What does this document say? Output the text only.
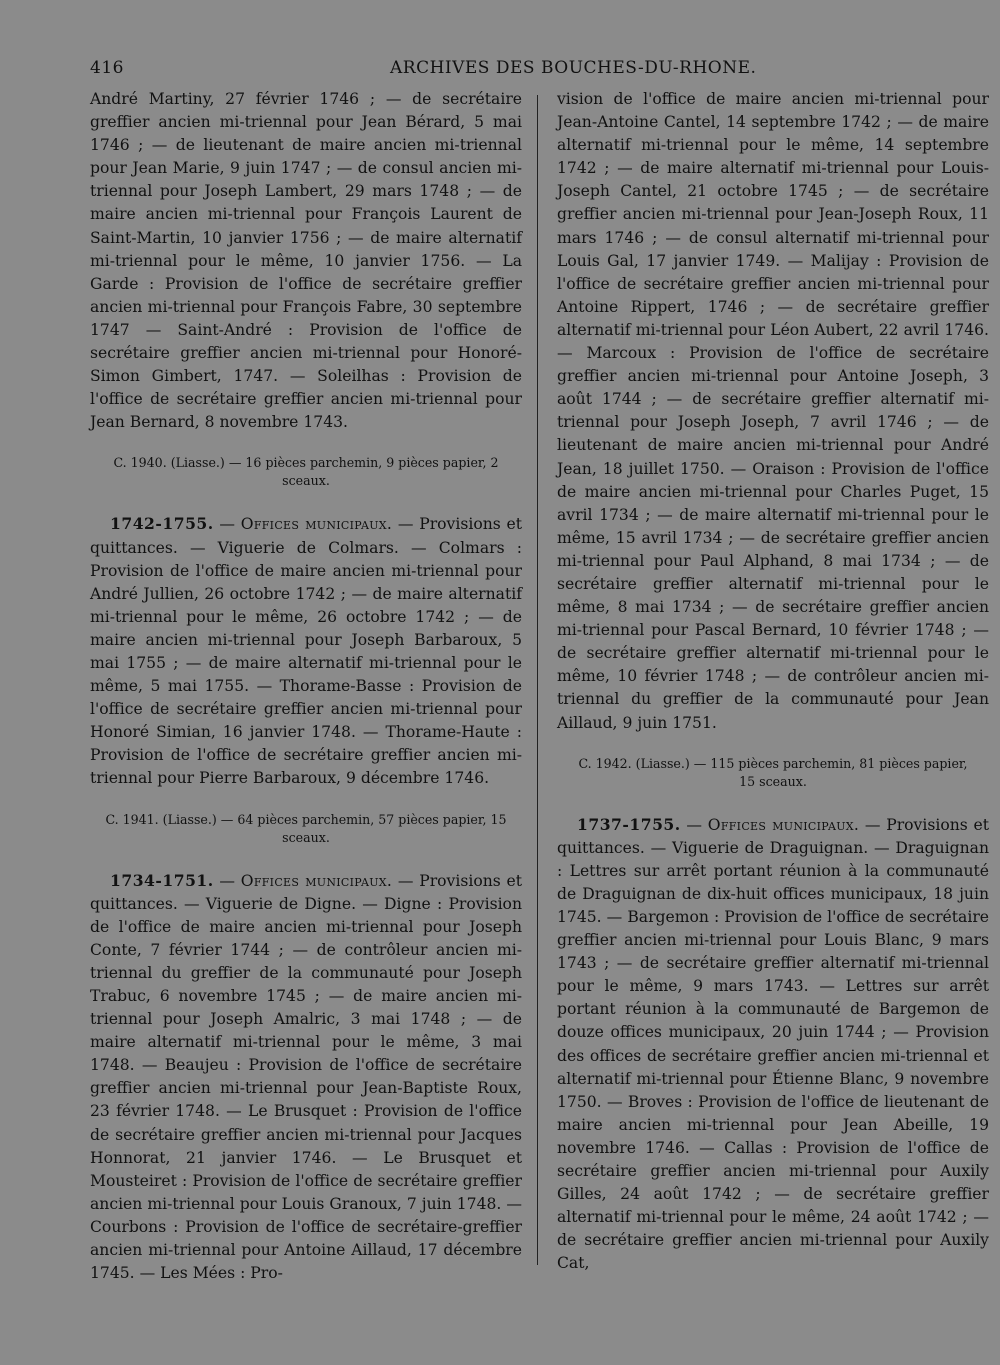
416	ARCHIVES DES BOUCHES-DU-RHONE.

André Martiny, 27 février 1746 ; — de secrétaire greffier ancien mi-triennal pour Jean Bérard, 5 mai 1746 ; — de lieutenant de maire ancien mi-triennal pour Jean Marie, 9 juin 1747 ; — de consul ancien mi-triennal pour Joseph Lambert, 29 mars 1748 ; — de maire ancien mi-triennal pour François Laurent de Saint-Martin, 10 janvier 1756 ; — de maire alternatif mi-triennal pour le même, 10 janvier 1756. — La Garde : Provision de l'office de secrétaire greffier ancien mi-triennal pour François Fabre, 30 septembre 1747 — Saint-André : Provision de l'office de secrétaire greffier ancien mi-triennal pour Honoré-Simon Gimbert, 1747. — Soleilhas : Provision de l'office de secrétaire greffier ancien mi-triennal pour Jean Bernard, 8 novembre 1743.

C. 1940. (Liasse.) — 16 pièces parchemin, 9 pièces papier, 2 sceaux.

1742-1755. — Offices municipaux. — Provisions et quittances. — Viguerie de Colmars. — Colmars : Provision de l'office de maire ancien mi-triennal pour André Jullien, 26 octobre 1742 ; — de maire alternatif mi-triennal pour le même, 26 octobre 1742 ; — de maire ancien mi-triennal pour Joseph Barbaroux, 5 mai 1755 ; — de maire alternatif mi-triennal pour le même, 5 mai 1755. — Thorame-Basse : Provision de l'office de secrétaire greffier ancien mi-triennal pour Honoré Simian, 16 janvier 1748. — Thorame-Haute : Provision de l'office de secrétaire greffier ancien mi-triennal pour Pierre Barbaroux, 9 décembre 1746.

C. 1941. (Liasse.) — 64 pièces parchemin, 57 pièces papier, 15 sceaux.

1734-1751. — Offices municipaux. — Provisions et quittances. — Viguerie de Digne. — Digne : Provision de l'office de maire ancien mi-triennal pour Joseph Conte, 7 février 1744 ; — de contrôleur ancien mi-triennal du greffier de la communauté pour Joseph Trabuc, 6 novembre 1745 ; — de maire ancien mi-triennal pour Joseph Amalric, 3 mai 1748 ; — de maire alternatif mi-triennal pour le même, 3 mai 1748. — Beaujeu : Provision de l'office de secrétaire greffier ancien mi-triennal pour Jean-Baptiste Roux, 23 février 1748. — Le Brusquet : Provision de l'office de secrétaire greffier ancien mi-triennal pour Jacques Honnorat, 21 janvier 1746. — Le Brusquet et Mousteiret : Provision de l'office de secrétaire greffier ancien mi-triennal pour Louis Granoux, 7 juin 1748. — Courbons : Provision de l'office de secrétaire-greffier ancien mi-triennal pour Antoine Aillaud, 17 décembre 1745. — Les Mées : Pro-

vision de l'office de maire ancien mi-triennal pour Jean-Antoine Cantel, 14 septembre 1742 ; — de maire alternatif mi-triennal pour le même, 14 septembre 1742 ; — de maire alternatif mi-triennal pour Louis-Joseph Cantel, 21 octobre 1745 ; — de secrétaire greffier ancien mi-triennal pour Jean-Joseph Roux, 11 mars 1746 ; — de consul alternatif mi-triennal pour Louis Gal, 17 janvier 1749. — Malijay : Provision de l'office de secrétaire greffier ancien mi-triennal pour Antoine Rippert, 1746 ; — de secrétaire greffier alternatif mi-triennal pour Léon Aubert, 22 avril 1746. — Marcoux : Provision de l'office de secrétaire greffier ancien mi-triennal pour Antoine Joseph, 3 août 1744 ; — de secrétaire greffier alternatif mi-triennal pour Joseph Joseph, 7 avril 1746 ; — de lieutenant de maire ancien mi-triennal pour André Jean, 18 juillet 1750. — Oraison : Provision de l'office de maire ancien mi-triennal pour Charles Puget, 15 avril 1734 ; — de maire alternatif mi-triennal pour le même, 15 avril 1734 ; — de secrétaire greffier ancien mi-triennal pour Paul Alphand, 8 mai 1734 ; — de secrétaire greffier alternatif mi-triennal pour le même, 8 mai 1734 ; — de secrétaire greffier ancien mi-triennal pour Pascal Bernard, 10 février 1748 ; — de secrétaire greffier alternatif mi-triennal pour le même, 10 février 1748 ; — de contrôleur ancien mi-triennal du greffier de la communauté pour Jean Aillaud, 9 juin 1751.

C. 1942. (Liasse.) — 115 pièces parchemin, 81 pièces papier, 15 sceaux.

1737-1755. — Offices municipaux. — Provisions et quittances. — Viguerie de Draguignan. — Draguignan : Lettres sur arrêt portant réunion à la communauté de Draguignan de dix-huit offices municipaux, 18 juin 1745. — Bargemon : Provision de l'office de secrétaire greffier ancien mi-triennal pour Louis Blanc, 9 mars 1743 ; — de secrétaire greffier alternatif mi-triennal pour le même, 9 mars 1743. — Lettres sur arrêt portant réunion à la communauté de Bargemon de douze offices municipaux, 20 juin 1744 ; — Provision des offices de secrétaire greffier ancien mi-triennal et alternatif mi-triennal pour Étienne Blanc, 9 novembre 1750. — Broves : Provision de l'office de lieutenant de maire ancien mi-triennal pour Jean Abeille, 19 novembre 1746. — Callas : Provision de l'office de secrétaire greffier ancien mi-triennal pour Auxily Gilles, 24 août 1742 ; — de secrétaire greffier alternatif mi-triennal pour le même, 24 août 1742 ; — de secrétaire greffier ancien mi-triennal pour Auxily Cat,
